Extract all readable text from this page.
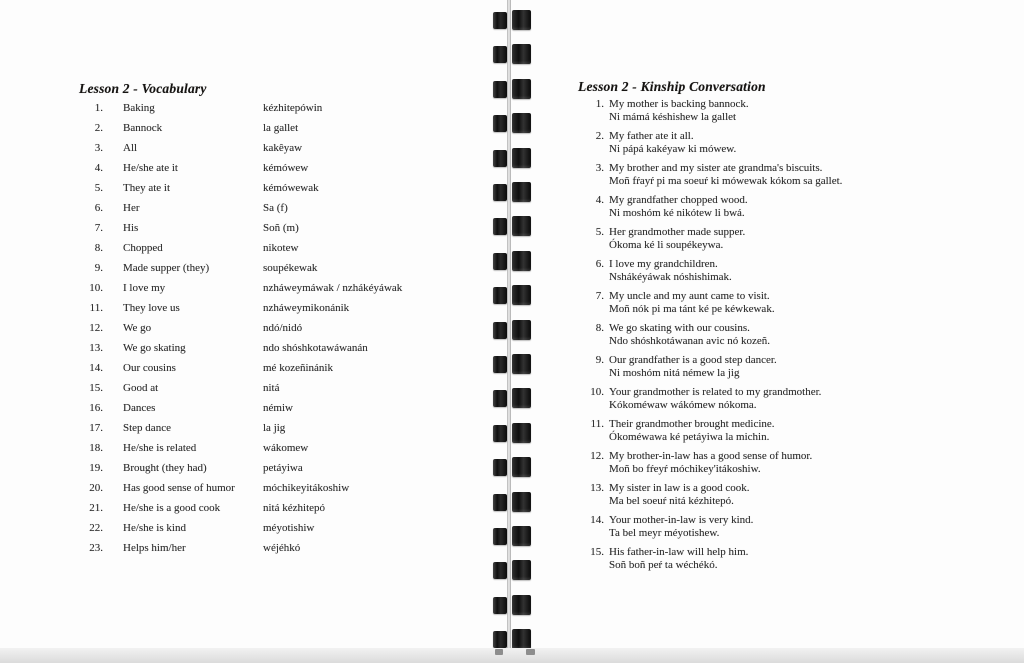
Lesson 2 - Vocabulary
1. Baking	kézhitepówin
2. Bannock	la gallet
3. All	kakêyaw
4. He/she ate it	kémówew
5. They ate it	kémówewak
6. Her	Sa (f)
7. His	Soñ (m)
8. Chopped	nikotew
9. Made supper (they)	soupékewak
10. I love my	nzháweymáwak / nzhákéyáwak
11. They love us	nzháweymikonánik
12. We go	ndó/nidó
13. We go skating	ndo shóshkotawáwanán
14. Our cousins	mé kozeñinánik
15. Good at	nitá
16. Dances	némiw
17. Step dance	la jig
18. He/she is related	wákomew
19. Brought (they had)	petáyiwa
20. Has good sense of humor	móchikeyitákoshiw
21. He/she is a good cook	nitá kézhitepó
22. He/she is kind	méyotishiw
23. Helps him/her	wéjéhkó
Lesson 2 - Kinship Conversation
1. My mother is backing bannock.
Ni mámá késhishew la gallet
2. My father ate it all.
Ni pápá kakéyaw ki mówew.
3. My brother and my sister ate grandma's biscuits.
Moñ fŕayŕ pi ma soeuŕ ki mówewak kókom sa gallet.
4. My grandfather chopped wood.
Ni moshóm ké nikótew li bwá.
5. Her grandmother made supper.
Ókoma ké li soupékeywa.
6. I love my grandchildren.
Nshákéyáwak nóshishimak.
7. My uncle and my aunt came to visit.
Moñ nók pi ma tánt ké pe kéwkewak.
8. We go skating with our cousins.
Ndo shóshkotáwanan avic nó kozeñ.
9. Our grandfather is a good step dancer.
Ni moshóm nitá némew la jig
10. Your grandmother is related to my grandmother.
Kókoméwaw wákómew nókoma.
11. Their grandmother brought medicine.
Ókoméwawa ké petáyiwa la michin.
12. My brother-in-law has a good sense of humor.
Moñ bo fŕeyŕ móchikey'itákoshiw.
13. My sister in law is a good cook.
Ma bel soeuŕ nitá kézhitepó.
14. Your mother-in-law is very kind.
Ta bel meyr méyotishew.
15. His father-in-law will help him.
Soñ boñ peŕ ta wéchékó.
